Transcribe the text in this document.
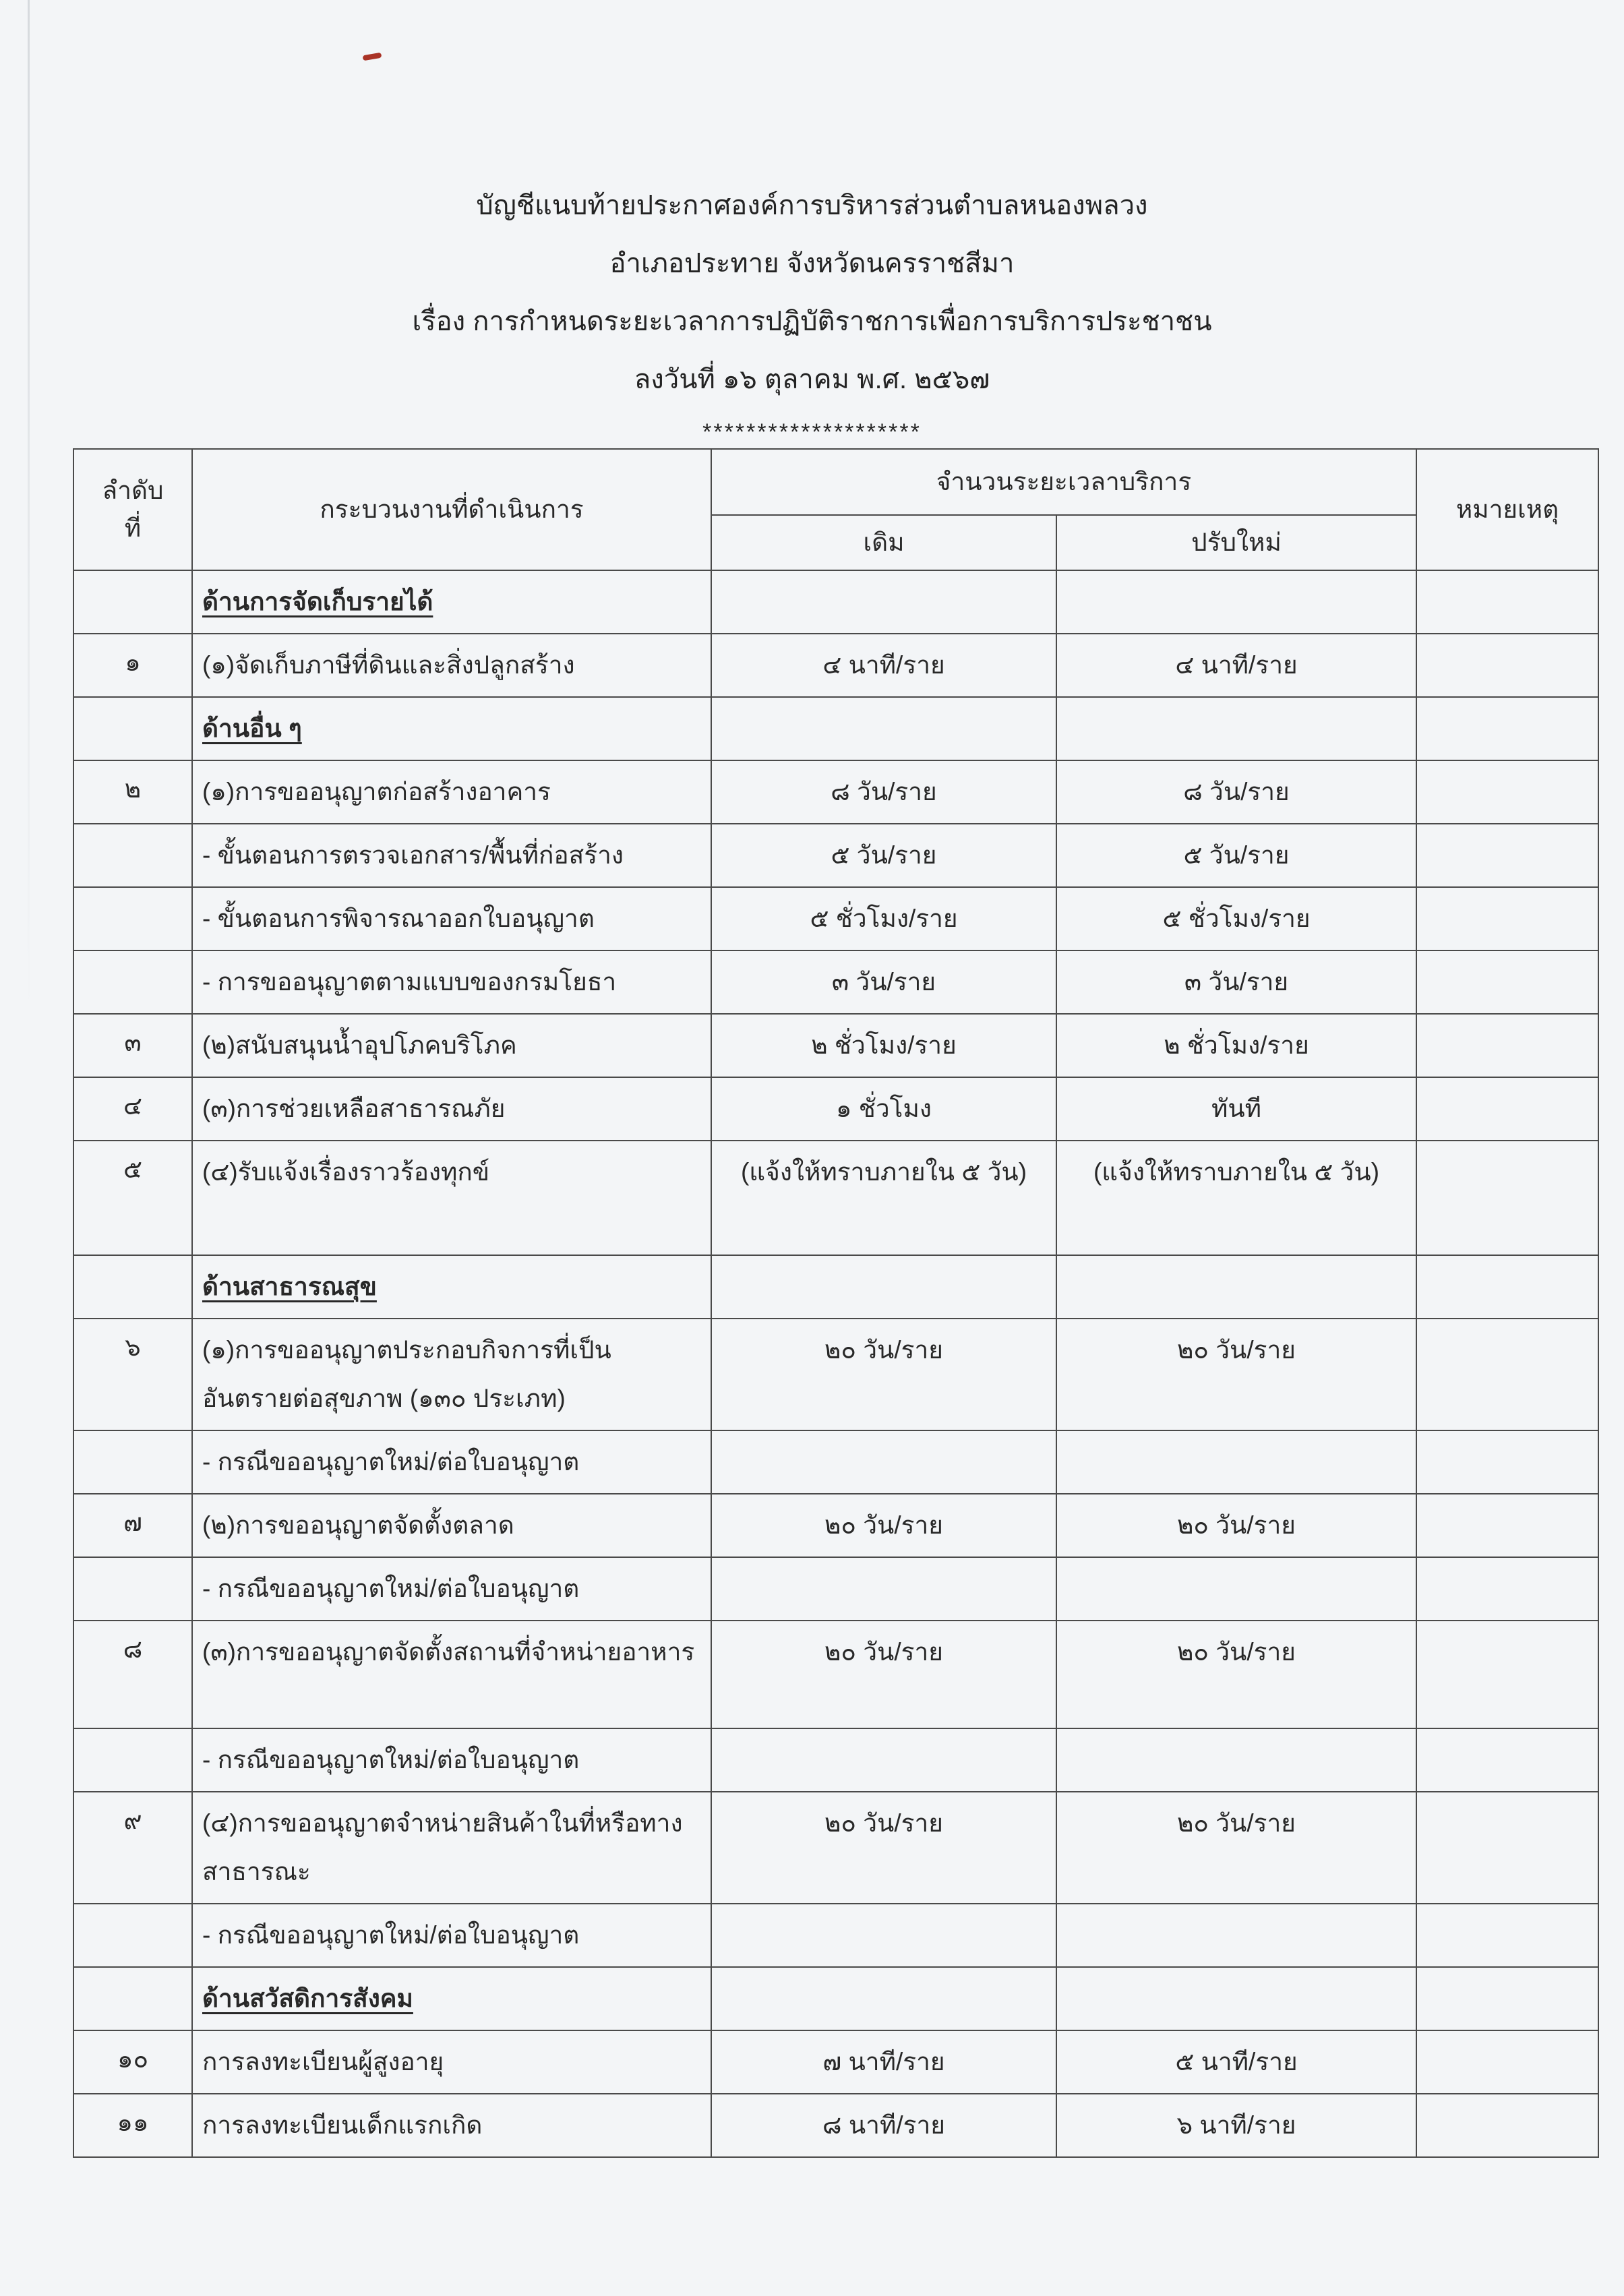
บัญชีแนบท้ายประกาศองค์การบริหารส่วนตำบลหนองพลวง
อำเภอประทาย จังหวัดนครราชสีมา
เรื่อง การกำหนดระยะเวลาการปฏิบัติราชการเพื่อการบริการประชาชน
ลงวันที่ ๑๖ ตุลาคม พ.ศ. ๒๕๖๗
********************
ลำดับ
ที่	กระบวนงานที่ดำเนินการ	จำนวนระยะเวลาบริการ		หมายเหตุ
		เดิม	ปรับใหม่	
	ด้านการจัดเก็บรายได้			
๑	(๑)จัดเก็บภาษีที่ดินและสิ่งปลูกสร้าง	๔ นาที/ราย	๔ นาที/ราย	
	ด้านอื่น ๆ			
๒	(๑)การขออนุญาตก่อสร้างอาคาร	๘ วัน/ราย	๘ วัน/ราย	
	- ขั้นตอนการตรวจเอกสาร/พื้นที่ก่อสร้าง	๕ วัน/ราย	๕ วัน/ราย	
	- ขั้นตอนการพิจารณาออกใบอนุญาต	๕ ชั่วโมง/ราย	๕ ชั่วโมง/ราย	
	- การขออนุญาตตามแบบของกรมโยธา	๓ วัน/ราย	๓ วัน/ราย	
๓	(๒)สนับสนุนน้ำอุปโภคบริโภค	๒ ชั่วโมง/ราย	๒ ชั่วโมง/ราย	
๔	(๓)การช่วยเหลือสาธารณภัย	๑ ชั่วโมง	ทันที	
๕	(๔)รับแจ้งเรื่องราวร้องทุกข์	(แจ้งให้ทราบภายใน ๕ วัน)	(แจ้งให้ทราบภายใน ๕ วัน)	
	ด้านสาธารณสุข			
๖	(๑)การขออนุญาตประกอบกิจการที่เป็นอันตรายต่อสุขภาพ (๑๓๐ ประเภท)	๒๐ วัน/ราย	๒๐ วัน/ราย	
	- กรณีขออนุญาตใหม่/ต่อใบอนุญาต			
๗	(๒)การขออนุญาตจัดตั้งตลาด	๒๐ วัน/ราย	๒๐ วัน/ราย	
	- กรณีขออนุญาตใหม่/ต่อใบอนุญาต			
๘	(๓)การขออนุญาตจัดตั้งสถานที่จำหน่ายอาหาร	๒๐ วัน/ราย	๒๐ วัน/ราย	
	- กรณีขออนุญาตใหม่/ต่อใบอนุญาต			
๙	(๔)การขออนุญาตจำหน่ายสินค้าในที่หรือทางสาธารณะ	๒๐ วัน/ราย	๒๐ วัน/ราย	
	- กรณีขออนุญาตใหม่/ต่อใบอนุญาต			
	ด้านสวัสดิการสังคม			
๑๐	การลงทะเบียนผู้สูงอายุ	๗ นาที/ราย	๕ นาที/ราย	
๑๑	การลงทะเบียนเด็กแรกเกิด	๘ นาที/ราย	๖ นาที/ราย	
